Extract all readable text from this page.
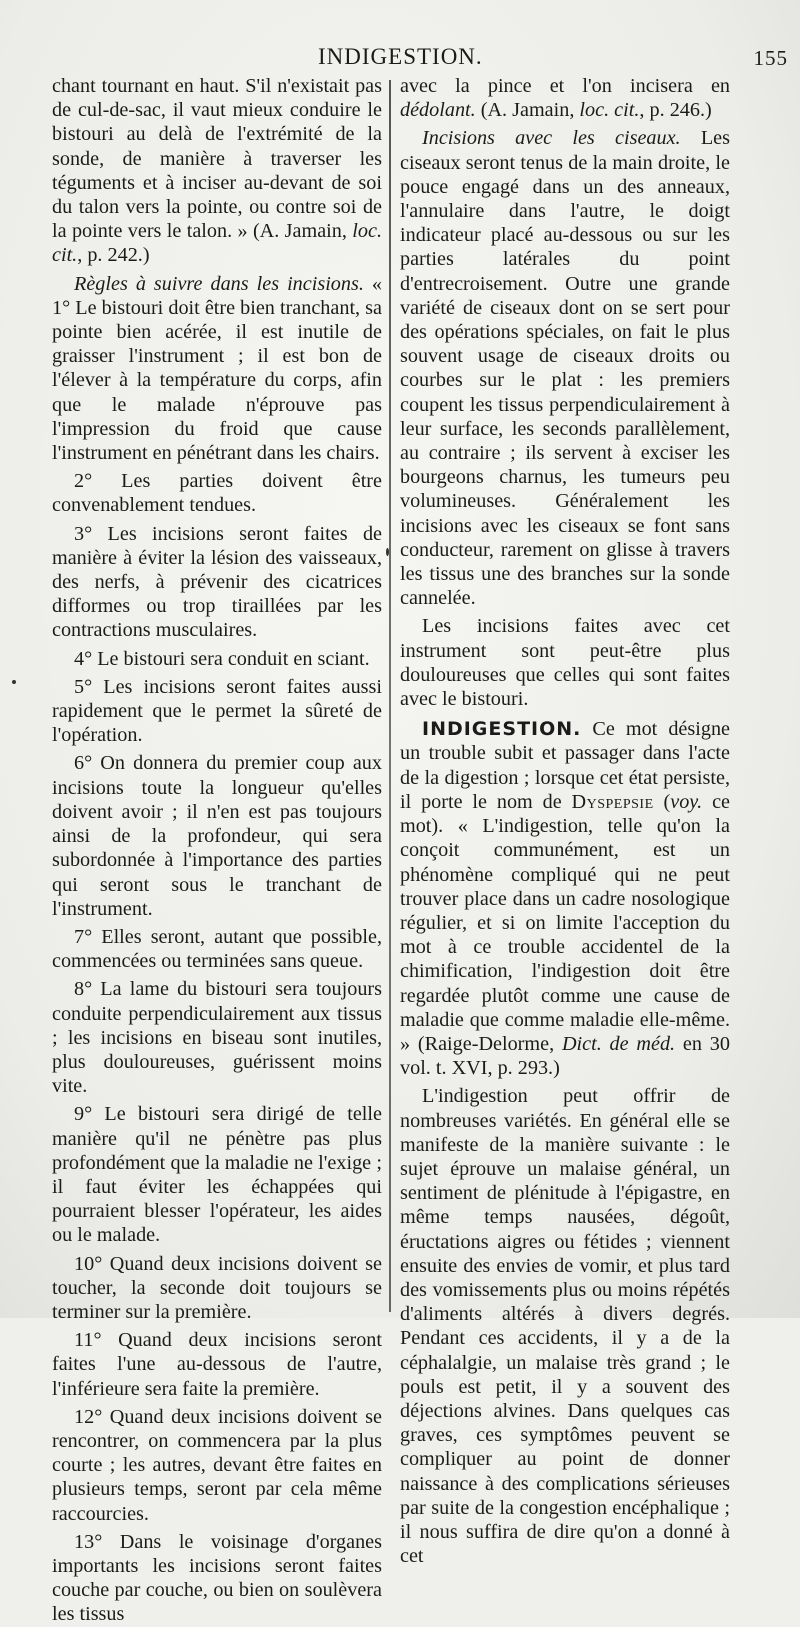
INDIGESTION.	155

chant tournant en haut. S'il n'existait pas de cul-de-sac, il vaut mieux conduire le bistouri au delà de l'extrémité de la sonde, de manière à traverser les téguments et à inciser au-devant de soi du talon vers la pointe, ou contre soi de la pointe vers le talon. » (A. Jamain, loc. cit., p. 242.)

Règles à suivre dans les incisions. « 1° Le bistouri doit être bien tranchant, sa pointe bien acérée, il est inutile de graisser l'instrument ; il est bon de l'élever à la température du corps, afin que le malade n'éprouve pas l'impression du froid que cause l'instrument en pénétrant dans les chairs.

2° Les parties doivent être convenablement tendues.

3° Les incisions seront faites de manière à éviter la lésion des vaisseaux, des nerfs, à prévenir des cicatrices difformes ou trop tiraillées par les contractions musculaires.

4° Le bistouri sera conduit en sciant.

5° Les incisions seront faites aussi rapidement que le permet la sûreté de l'opération.

6° On donnera du premier coup aux incisions toute la longueur qu'elles doivent avoir ; il n'en est pas toujours ainsi de la profondeur, qui sera subordonnée à l'importance des parties qui seront sous le tranchant de l'instrument.

7° Elles seront, autant que possible, commencées ou terminées sans queue.

8° La lame du bistouri sera toujours conduite perpendiculairement aux tissus ; les incisions en biseau sont inutiles, plus douloureuses, guérissent moins vite.

9° Le bistouri sera dirigé de telle manière qu'il ne pénètre pas plus profondément que la maladie ne l'exige ; il faut éviter les échappées qui pourraient blesser l'opérateur, les aides ou le malade.

10° Quand deux incisions doivent se toucher, la seconde doit toujours se terminer sur la première.

11° Quand deux incisions seront faites l'une au-dessous de l'autre, l'inférieure sera faite la première.

12° Quand deux incisions doivent se rencontrer, on commencera par la plus courte ; les autres, devant être faites en plusieurs temps, seront par cela même raccourcies.

13° Dans le voisinage d'organes importants les incisions seront faites couche par couche, ou bien on soulèvera les tissus

avec la pince et l'on incisera en dédolant. (A. Jamain, loc. cit., p. 246.)

Incisions avec les ciseaux. Les ciseaux seront tenus de la main droite, le pouce engagé dans un des anneaux, l'annulaire dans l'autre, le doigt indicateur placé au-dessous ou sur les parties latérales du point d'entrecroisement. Outre une grande variété de ciseaux dont on se sert pour des opérations spéciales, on fait le plus souvent usage de ciseaux droits ou courbes sur le plat : les premiers coupent les tissus perpendiculairement à leur surface, les seconds parallèlement, au contraire ; ils servent à exciser les bourgeons charnus, les tumeurs peu volumineuses. Généralement les incisions avec les ciseaux se font sans conducteur, rarement on glisse à travers les tissus une des branches sur la sonde cannelée.

Les incisions faites avec cet instrument sont peut-être plus douloureuses que celles qui sont faites avec le bistouri.

INDIGESTION. Ce mot désigne un trouble subit et passager dans l'acte de la digestion ; lorsque cet état persiste, il porte le nom de Dyspepsie (voy. ce mot). « L'indigestion, telle qu'on la conçoit communément, est un phénomène compliqué qui ne peut trouver place dans un cadre nosologique régulier, et si on limite l'acception du mot à ce trouble accidentel de la chimification, l'indigestion doit être regardée plutôt comme une cause de maladie que comme maladie elle-même. » (Raige-Delorme, Dict. de méd. en 30 vol. t. XVI, p. 293.)

L'indigestion peut offrir de nombreuses variétés. En général elle se manifeste de la manière suivante : le sujet éprouve un malaise général, un sentiment de plénitude à l'épigastre, en même temps nausées, dégoût, éructations aigres ou fétides ; viennent ensuite des envies de vomir, et plus tard des vomissements plus ou moins répétés d'aliments altérés à divers degrés. Pendant ces accidents, il y a de la céphalalgie, un malaise très grand ; le pouls est petit, il y a souvent des déjections alvines. Dans quelques cas graves, ces symptômes peuvent se compliquer au point de donner naissance à des complications sérieuses par suite de la congestion encéphalique ; il nous suffira de dire qu'on a donné à cet
